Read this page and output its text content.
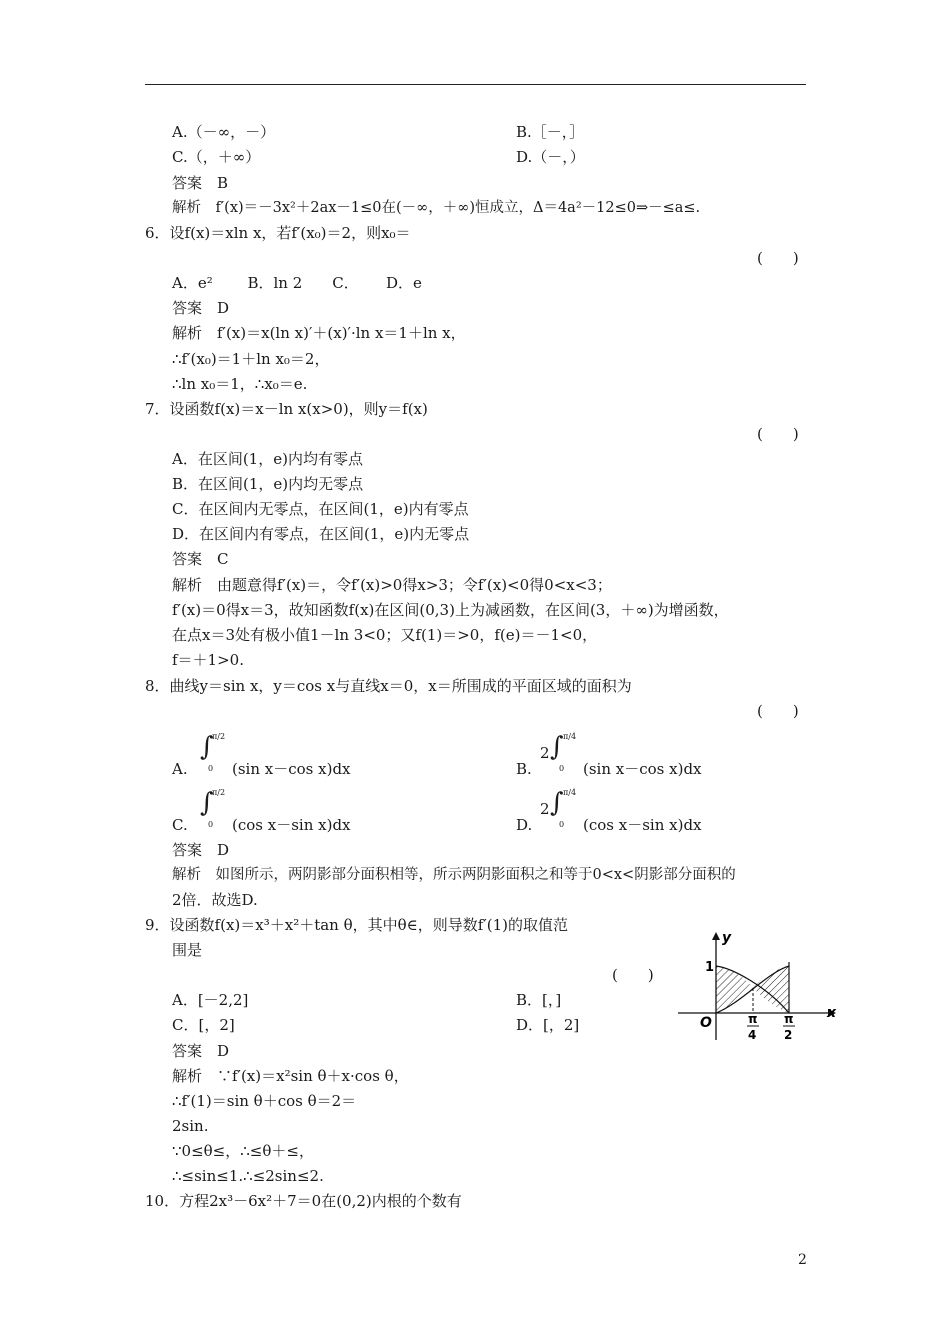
A.（－∞，－）	B.［－，］
C.（，＋∞）	D.（－，）
答案　B
解析　f′(x)＝－3x²＋2ax－1≤0在(－∞，＋∞)恒成立，Δ＝4a²－12≤0⇒－≤a≤.
6．设f(x)＝xln x，若f′(x₀)＝2，则x₀＝
(　　)
A．e²　　 B．ln 2　　C．　　 D．e
答案　D
解析　f′(x)＝x(ln x)′＋(x)′·ln x＝1＋ln x，
∴f′(x₀)＝1＋ln x₀＝2，
∴ln x₀＝1，∴x₀＝e.
7．设函数f(x)＝x－ln x(x>0)，则y＝f(x)
(　　)
A．在区间(1，e)内均有零点
B．在区间(1，e)内均无零点
C．在区间内无零点，在区间(1，e)内有零点
D．在区间内有零点，在区间(1，e)内无零点
答案　C
解析　由题意得f′(x)＝，令f′(x)>0得x>3；令f′(x)<0得0<x<3；
f′(x)＝0得x＝3，故知函数f(x)在区间(0,3)上为减函数，在区间(3，＋∞)为增函数，
在点x＝3处有极小值1－ln 3<0；又f(1)＝>0，f(e)＝－1<0，
f＝＋1>0.
8．曲线y＝sin x，y＝cos x与直线x＝0，x＝所围成的平面区域的面积为
(　　)
A.
∫
π/2
0 (sin x－cos x)dx	B.
2 ∫ π/4
0 (sin x－cos x)dx
C.
∫
π/2
0 (cos x－sin x)dx	D.
2 ∫ π/4
0 (cos x－sin x)dx
答案　D
解析　如图所示，两阴影部分面积相等，所示两阴影面积之和等于0<x<阴影部分面积的
2倍．故选D.
9．设函数f(x)＝x³＋x²＋tan θ，其中θ∈，则导数f′(1)的取值范
围是
(　　)
A．[－2,2]	B．[，]
C．[，2]	D．[，2]
答案　D
解析　∵f′(x)＝x²sin θ＋x·cos θ，
∴f′(1)＝sin θ＋cos θ＝2＝
2sin.
∵0≤θ≤，∴≤θ＋≤，
∴≤sin≤1.∴≤2sin≤2.
10．方程2x³－6x²＋7＝0在(0,2)内根的个数有
y
x
O
1
π
4
π
2
2
